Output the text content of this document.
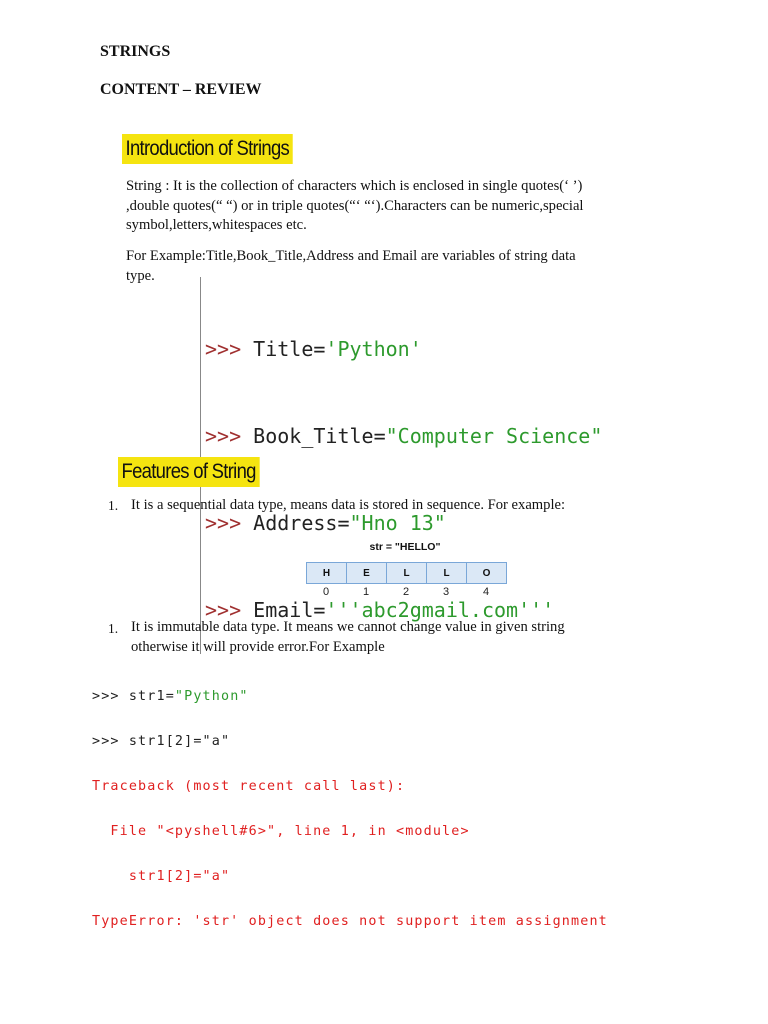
STRINGS
CONTENT – REVIEW
Introduction of Strings
String : It is the collection of characters which is enclosed in single quotes(‘ ’)
,double quotes(“ “) or in triple quotes(“‘ “‘).Characters can be numeric,special
symbol,letters,whitespaces etc.
For Example:Title,Book_Title,Address and Email are variables of string data
type.

>>> Title='Python'

>>> Book_Title="Computer Science"

>>> Address="Hno 13"

>>> Email='''abc2gmail.com'''

Features of String
1. It is a sequential data type, means data is stored in sequence. For example:
str = "HELLO"
H	E	L	L	O
0	1	2	3	4
1. It is immutable data type. It means we cannot change value in given string
otherwise it will provide error.For Example

>>> str1="Python"

>>> str1[2]="a"

Traceback (most recent call last):

File "<pyshell#6>", line 1, in <module>

str1[2]="a"

TypeError: 'str' object does not support item assignment
